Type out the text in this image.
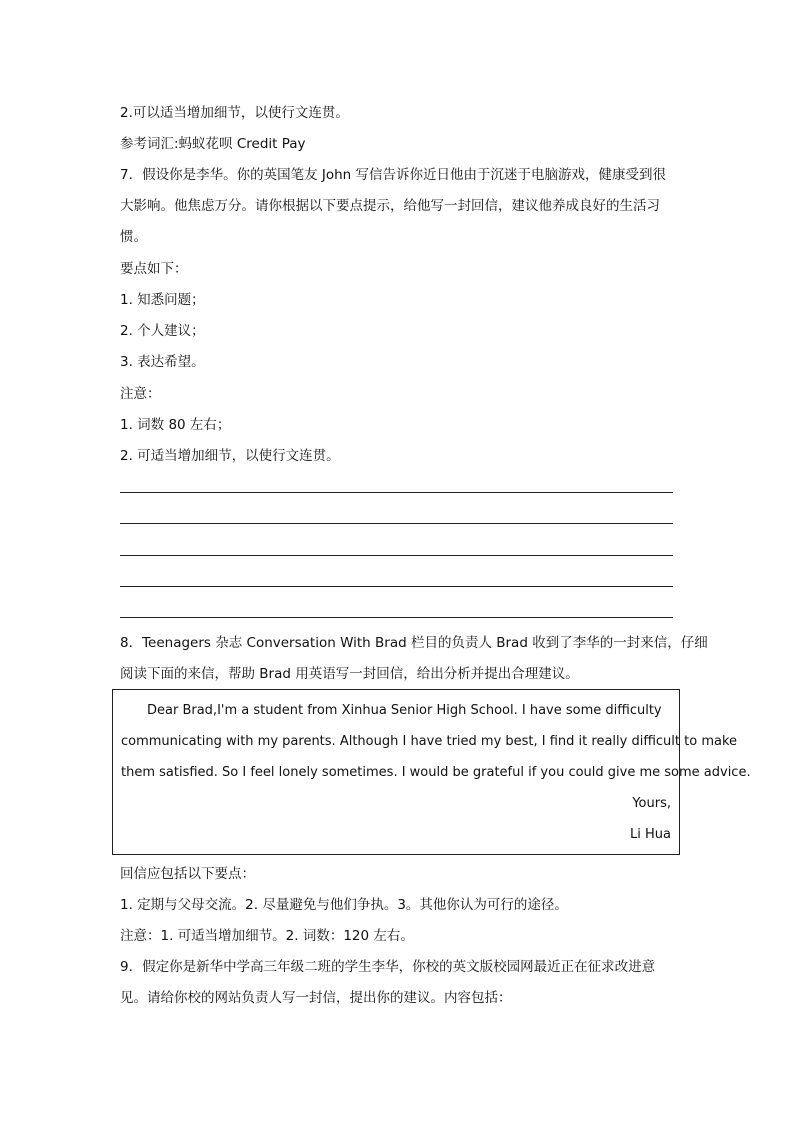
2.可以适当增加细节，以使行文连贯。
参考词汇:蚂蚁花呗 Credit Pay
7．假设你是李华。你的英国笔友 John 写信告诉你近日他由于沉迷于电脑游戏，健康受到很
大影响。他焦虑万分。请你根据以下要点提示，给他写一封回信，建议他养成良好的生活习
惯。
要点如下：
1. 知悉问题；
2. 个人建议；
3. 表达希望。
注意：
1. 词数 80 左右；
2. 可适当增加细节，以使行文连贯。
8．Teenagers 杂志 Conversation With Brad 栏目的负责人 Brad 收到了李华的一封来信，仔细
阅读下面的来信，帮助 Brad 用英语写一封回信，给出分析并提出合理建议。
Dear Brad,I'm a student from Xinhua Senior High School. I have some difficulty
communicating with my parents. Although I have tried my best, I find it really difficult to make
them satisfied. So I feel lonely sometimes. I would be grateful if you could give me some advice.
Yours,
Li Hua
回信应包括以下要点：
1. 定期与父母交流。2. 尽量避免与他们争执。3。其他你认为可行的途径。
注意：1. 可适当增加细节。2. 词数：120 左右。
9．假定你是新华中学高三年级二班的学生李华，你校的英文版校园网最近正在征求改进意
见。请给你校的网站负责人写一封信，提出你的建议。内容包括：
